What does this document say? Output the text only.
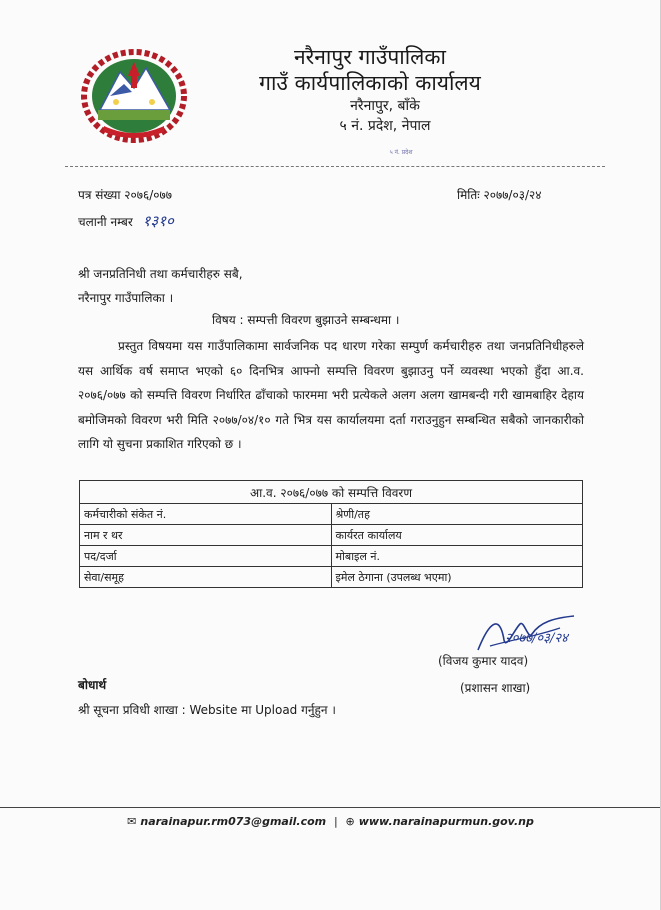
नरैनापुर गाउँपालिका
गाउँ कार्यपालिकाको कार्यालय
नरैनापुर, बाँके
५ नं. प्रदेश, नेपाल
५ नं. प्रदेश
पत्र संख्या २०७६/०७७	मितिः २०७७/०३/२४
चलानी नम्बर १३१०
श्री जनप्रतिनिधी तथा कर्मचारीहरु सबै,
नरैनापुर गाउँपालिका ।
विषय : सम्पत्ती विवरण बुझाउने सम्बन्धमा ।
प्रस्तुत विषयमा यस गाउँपालिकामा सार्वजनिक पद धारण गरेका सम्पुर्ण कर्मचारीहरु तथा जनप्रतिनिधीहरुले यस आर्थिक वर्ष समाप्त भएको ६० दिनभित्र आफ्नो सम्पत्ति विवरण बुझाउनु पर्ने व्यवस्था भएको हुँदा आ.व. २०७६/०७७ को सम्पत्ति विवरण निर्धारित ढाँचाको फारममा भरी प्रत्येकले अलग अलग खामबन्दी गरी खामबाहिर देहाय बमोजिमको विवरण भरी मिति २०७७/०४/१० गते भित्र यस कार्यालयमा दर्ता गराउनुहुन सम्बन्धित सबैको जानकारीको लागि यो सुचना प्रकाशित गरिएको छ ।
आ.व. २०७६/०७७ को सम्पत्ति विवरण	
कर्मचारीको संकेत नं.	श्रेणी/तह
नाम र थर	कार्यरत कार्यालय
पद/दर्जा	मोबाइल नं.
सेवा/समूह	इमेल ठेगाना (उपलब्ध भएमा)
२०७७/०३/२४
(विजय कुमार यादव)
(प्रशासन शाखा)
बोधार्थ
श्री सूचना प्रविधी शाखा : Website मा Upload गर्नुहुन ।
✉ narainapur.rm073@gmail.com | ⊕ www.narainapurmun.gov.np
